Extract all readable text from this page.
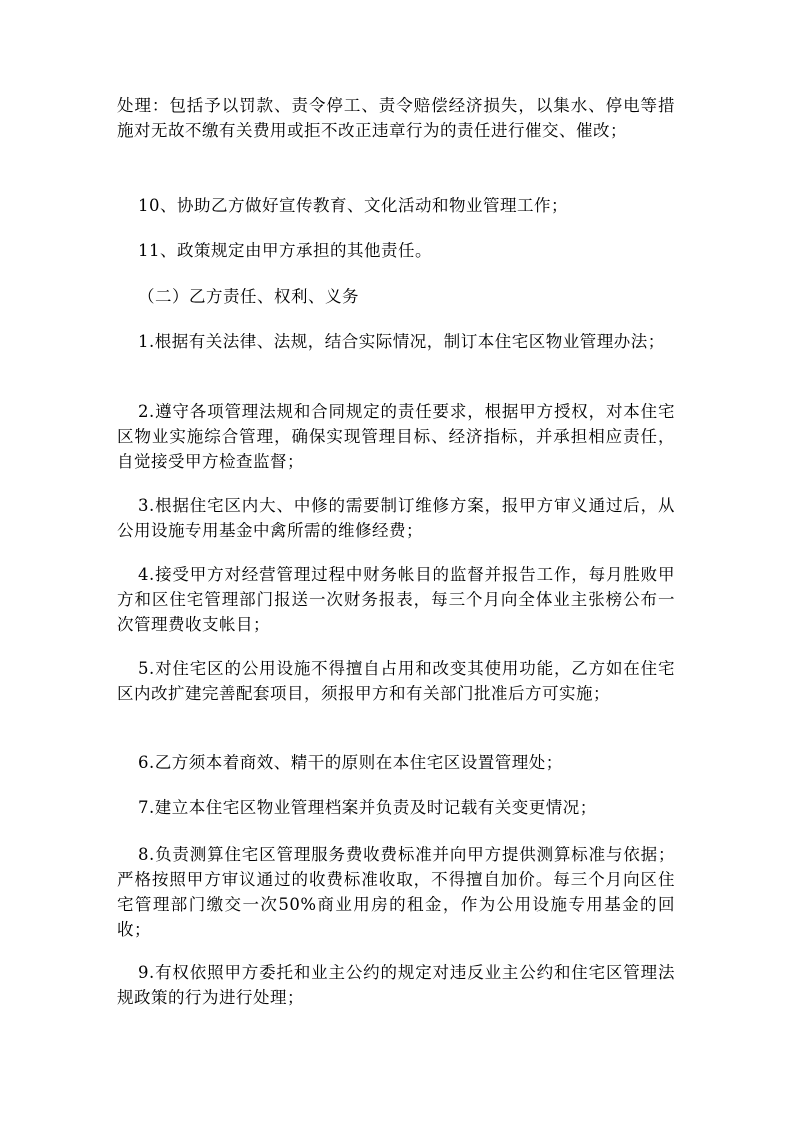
处理：包括予以罚款、责令停工、责令赔偿经济损失，以集水、停电等措施对无故不缴有关费用或拒不改正违章行为的责任进行催交、催改；

10、协助乙方做好宣传教育、文化活动和物业管理工作；

11、政策规定由甲方承担的其他责任。

（二）乙方责任、权利、义务

1.根据有关法律、法规，结合实际情况，制订本住宅区物业管理办法；

2.遵守各项管理法规和合同规定的责任要求，根据甲方授权，对本住宅区物业实施综合管理，确保实现管理目标、经济指标，并承担相应责任，自觉接受甲方检查监督；

3.根据住宅区内大、中修的需要制订维修方案，报甲方审义通过后，从公用设施专用基金中禽所需的维修经费；

4.接受甲方对经营管理过程中财务帐目的监督并报告工作，每月胜败甲方和区住宅管理部门报送一次财务报表，每三个月向全体业主张榜公布一次管理费收支帐目；

5.对住宅区的公用设施不得擅自占用和改变其使用功能，乙方如在住宅区内改扩建完善配套项目，须报甲方和有关部门批准后方可实施；

6.乙方须本着商效、精干的原则在本住宅区设置管理处；

7.建立本住宅区物业管理档案并负责及时记载有关变更情况；

8.负责测算住宅区管理服务费收费标准并向甲方提供测算标准与依据；严格按照甲方审议通过的收费标准收取，不得擅自加价。每三个月向区住宅管理部门缴交一次50%商业用房的租金，作为公用设施专用基金的回收；

9.有权依照甲方委托和业主公约的规定对违反业主公约和住宅区管理法规政策的行为进行处理；
